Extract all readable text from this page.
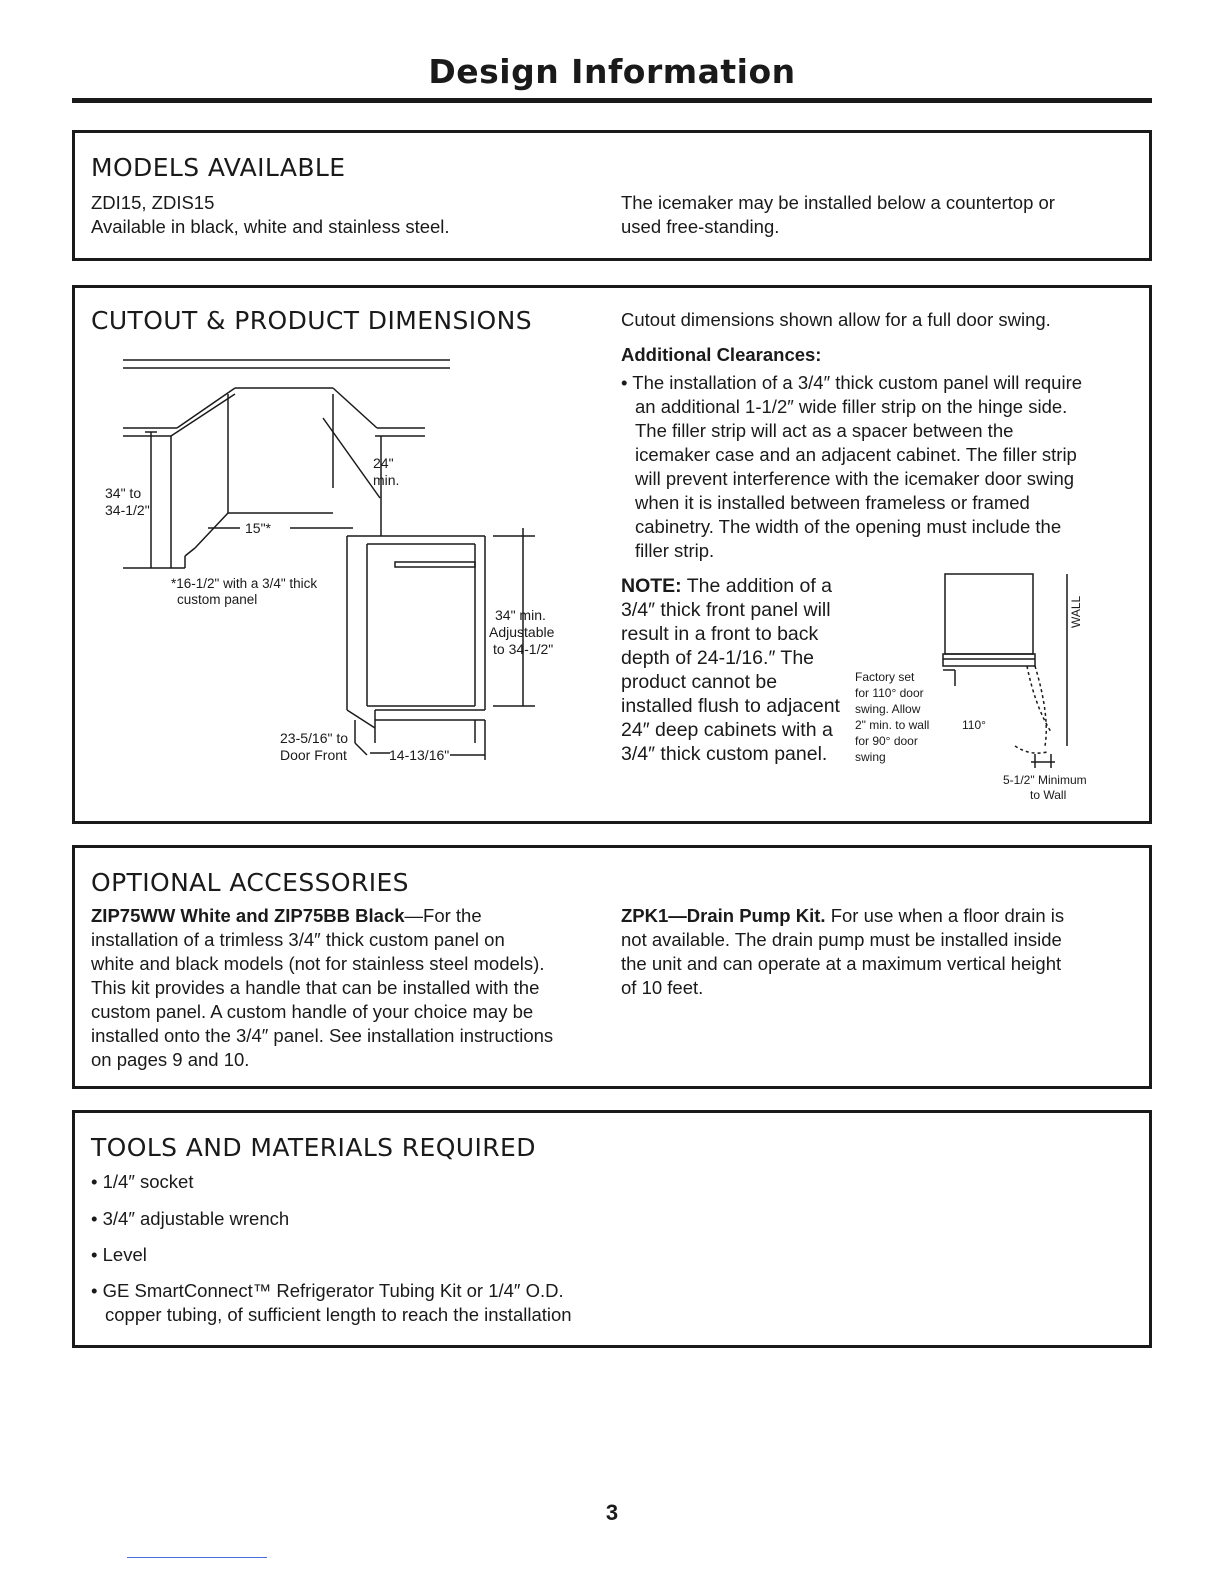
Design Information
MODELS AVAILABLE
ZDI15, ZDIS15
Available in black, white and stainless steel.
The icemaker may be installed below a countertop or
used free-standing.
CUTOUT & PRODUCT DIMENSIONS
24"
min.
34" to
34-1/2"
15"*
*16-1/2" with a 3/4" thick
custom panel
34" min.
Adjustable
to 34-1/2"
23-5/16" to
Door Front	14-13/16"
Cutout dimensions shown allow for a full door swing.
Additional Clearances:
• The installation of a 3/4″ thick custom panel will require
an additional 1-1/2″ wide filler strip on the hinge side.
The filler strip will act as a spacer between the
icemaker case and an adjacent cabinet. The filler strip
will prevent interference with the icemaker door swing
when it is installed between frameless or framed
cabinetry. The width of the opening must include the
filler strip.
NOTE: The addition of a
3/4″ thick front panel will
result in a front to back
depth of 24-1/16.″ The
product cannot be
installed flush to adjacent
24″ deep cabinets with a
3/4″ thick custom panel.
Factory set
for 110° door
swing. Allow
2" min. to wall
for 90° door
swing
110°
WALL
5-1/2" Minimum
to Wall
OPTIONAL ACCESSORIES
ZIP75WW White and ZIP75BB Black—For the
installation of a trimless 3/4″ thick custom panel on
white and black models (not for stainless steel models).
This kit provides a handle that can be installed with the
custom panel. A custom handle of your choice may be
installed onto the 3/4″ panel. See installation instructions
on pages 9 and 10.
ZPK1—Drain Pump Kit. For use when a floor drain is
not available. The drain pump must be installed inside
the unit and can operate at a maximum vertical height
of 10 feet.
TOOLS AND MATERIALS REQUIRED
• 1/4″ socket
• 3/4″ adjustable wrench
• Level
• GE SmartConnect™ Refrigerator Tubing Kit or 1/4″ O.D.
copper tubing, of sufficient length to reach the installation
3
